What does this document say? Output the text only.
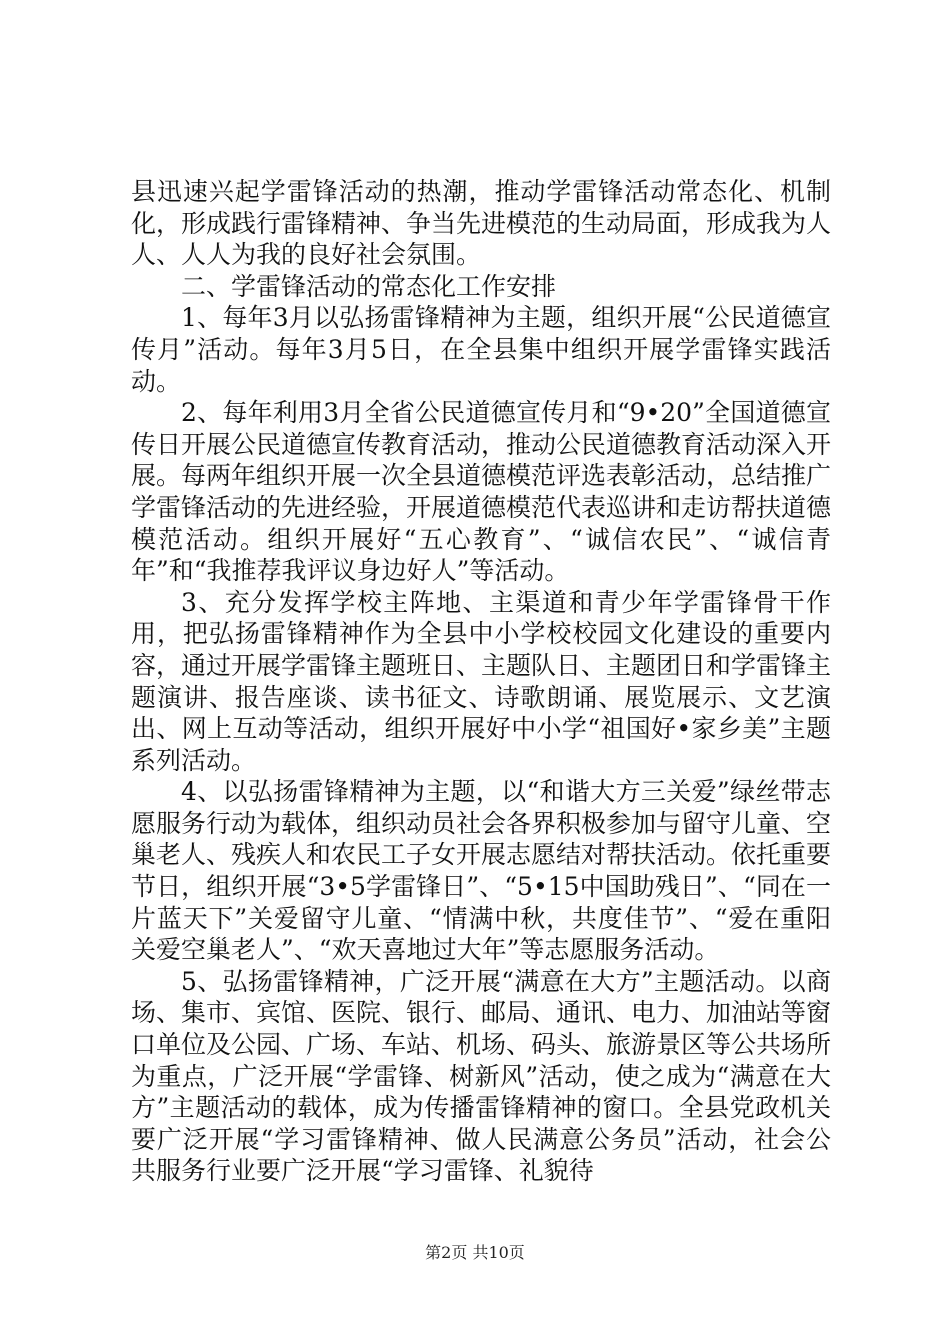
县迅速兴起学雷锋活动的热潮，推动学雷锋活动常态化、机制化，形成践行雷锋精神、争当先进模范的生动局面，形成我为人人、人人为我的良好社会氛围。

二、学雷锋活动的常态化工作安排

1、每年3月以弘扬雷锋精神为主题，组织开展“公民道德宣传月”活动。每年3月5日，在全县集中组织开展学雷锋实践活动。

2、每年利用3月全省公民道德宣传月和“9•20”全国道德宣传日开展公民道德宣传教育活动，推动公民道德教育活动深入开展。每两年组织开展一次全县道德模范评选表彰活动，总结推广学雷锋活动的先进经验，开展道德模范代表巡讲和走访帮扶道德模范活动。组织开展好“五心教育”、“诚信农民”、“诚信青年”和“我推荐我评议身边好人”等活动。

3、充分发挥学校主阵地、主渠道和青少年学雷锋骨干作用，把弘扬雷锋精神作为全县中小学校校园文化建设的重要内容，通过开展学雷锋主题班日、主题队日、主题团日和学雷锋主题演讲、报告座谈、读书征文、诗歌朗诵、展览展示、文艺演出、网上互动等活动，组织开展好中小学“祖国好•家乡美”主题系列活动。

4、以弘扬雷锋精神为主题，以“和谐大方三关爱”绿丝带志愿服务行动为载体，组织动员社会各界积极参加与留守儿童、空巢老人、残疾人和农民工子女开展志愿结对帮扶活动。依托重要节日，组织开展“3•5学雷锋日”、“5•15中国助残日”、“同在一片蓝天下”关爱留守儿童、“情满中秋，共度佳节”、“爱在重阳关爱空巢老人”、“欢天喜地过大年”等志愿服务活动。

5、弘扬雷锋精神，广泛开展“满意在大方”主题活动。以商场、集市、宾馆、医院、银行、邮局、通讯、电力、加油站等窗口单位及公园、广场、车站、机场、码头、旅游景区等公共场所为重点，广泛开展“学雷锋、树新风”活动，使之成为“满意在大方”主题活动的载体，成为传播雷锋精神的窗口。全县党政机关要广泛开展“学习雷锋精神、做人民满意公务员”活动，社会公共服务行业要广泛开展“学习雷锋、礼貌待

第2页 共10页
